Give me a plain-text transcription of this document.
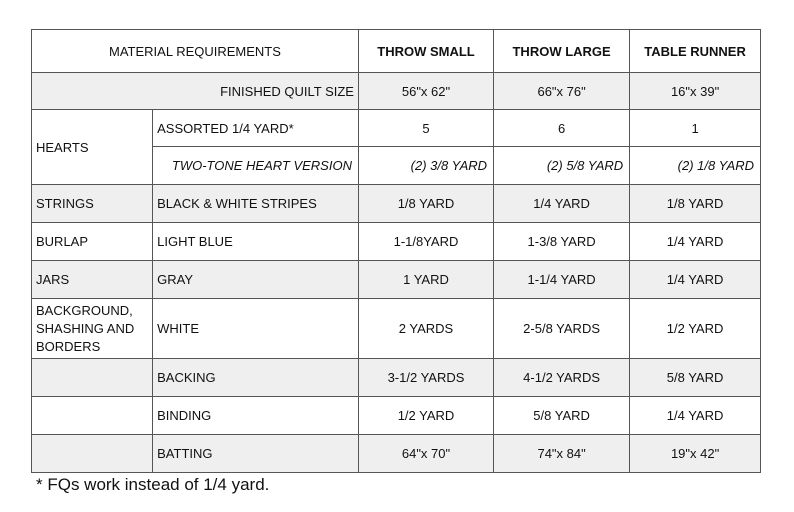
MATERIAL REQUIREMENTS		THROW SMALL	THROW LARGE	TABLE RUNNER
FINISHED QUILT SIZE		56"x 62"	66"x 76"	16"x 39"
HEARTS	ASSORTED 1/4 YARD*	5	6	1
	TWO-TONE HEART VERSION	(2) 3/8 YARD	(2) 5/8 YARD	(2) 1/8 YARD
STRINGS	BLACK & WHITE STRIPES	1/8 YARD	1/4 YARD	1/8 YARD
BURLAP	LIGHT BLUE	1-1/8YARD	1-3/8 YARD	1/4 YARD
JARS	GRAY	1 YARD	1-1/4 YARD	1/4 YARD
BACKGROUND, SHASHING AND BORDERS	WHITE	2 YARDS	2-5/8 YARDS	1/2 YARD
	BACKING	3-1/2 YARDS	4-1/2 YARDS	5/8 YARD
	BINDING	1/2 YARD	5/8 YARD	1/4 YARD
	BATTING	64"x 70"	74"x 84"	19"x 42"
* FQs work instead of 1/4 yard.
